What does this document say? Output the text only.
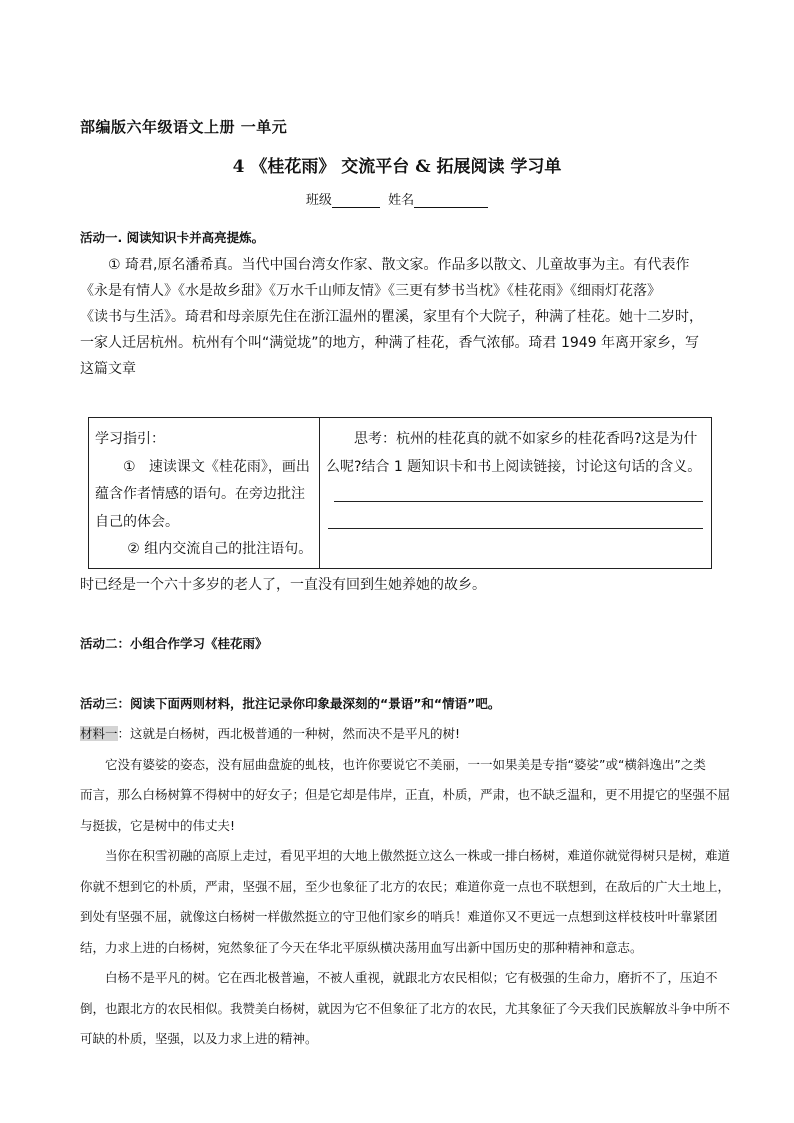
部编版六年级语文上册 一单元
4 《桂花雨》 交流平台 & 拓展阅读 学习单
班级	姓名
活动一. 阅读知识卡并高亮提炼。
① 琦君,原名潘希真。当代中国台湾女作家、散文家。作品多以散文、儿童故事为主。有代表作
《永是有情人》《水是故乡甜》《万水千山师友情》《三更有梦书当枕》《桂花雨》《细雨灯花落》
《读书与生活》。琦君和母亲原先住在浙江温州的瞿溪，家里有个大院子，种满了桂花。她十二岁时，
一家人迁居杭州。杭州有个叫“满觉垅”的地方，种满了桂花，香气浓郁。琦君 1949 年离开家乡，写
这篇文章
学习指引：
① 速读课文《桂花雨》，画出蕴含作者情感的语句。在旁边批注自己的体会。
② 组内交流自己的批注语句。

思考：杭州的桂花真的就不如家乡的桂花香吗?这是为什么呢?结合 1 题知识卡和书上阅读链接，讨论这句话的含义。
时已经是一个六十多岁的老人了，一直没有回到生她养她的故乡。
活动二：小组合作学习《桂花雨》
活动三：阅读下面两则材料，批注记录你印象最深刻的“景语”和“情语”吧。
材料一：这就是白杨树，西北极普通的一种树，然而决不是平凡的树!
它没有婆娑的姿态，没有屈曲盘旋的虬枝，也许你要说它不美丽，一一如果美是专指“婆娑”或“横斜逸出”之类
而言，那么白杨树算不得树中的好女子；但是它却是伟岸，正直，朴质，严肃，也不缺乏温和，更不用提它的坚强不屈
与挺拔，它是树中的伟丈夫!
当你在积雪初融的高原上走过，看见平坦的大地上傲然挺立这么一株或一排白杨树，难道你就觉得树只是树，难道
你就不想到它的朴质，严肃，坚强不屈，至少也象征了北方的农民；难道你竟一点也不联想到，在敌后的广大土地上，
到处有坚强不屈，就像这白杨树一样傲然挺立的守卫他们家乡的哨兵！难道你又不更远一点想到这样枝枝叶叶靠紧团
结，力求上进的白杨树，宛然象征了今天在华北平原纵横决荡用血写出新中国历史的那种精神和意志。
白杨不是平凡的树。它在西北极普遍，不被人重视，就跟北方农民相似；它有极强的生命力，磨折不了，压迫不
倒，也跟北方的农民相似。我赞美白杨树，就因为它不但象征了北方的农民，尤其象征了今天我们民族解放斗争中所不
可缺的朴质，坚强，以及力求上进的精神。
